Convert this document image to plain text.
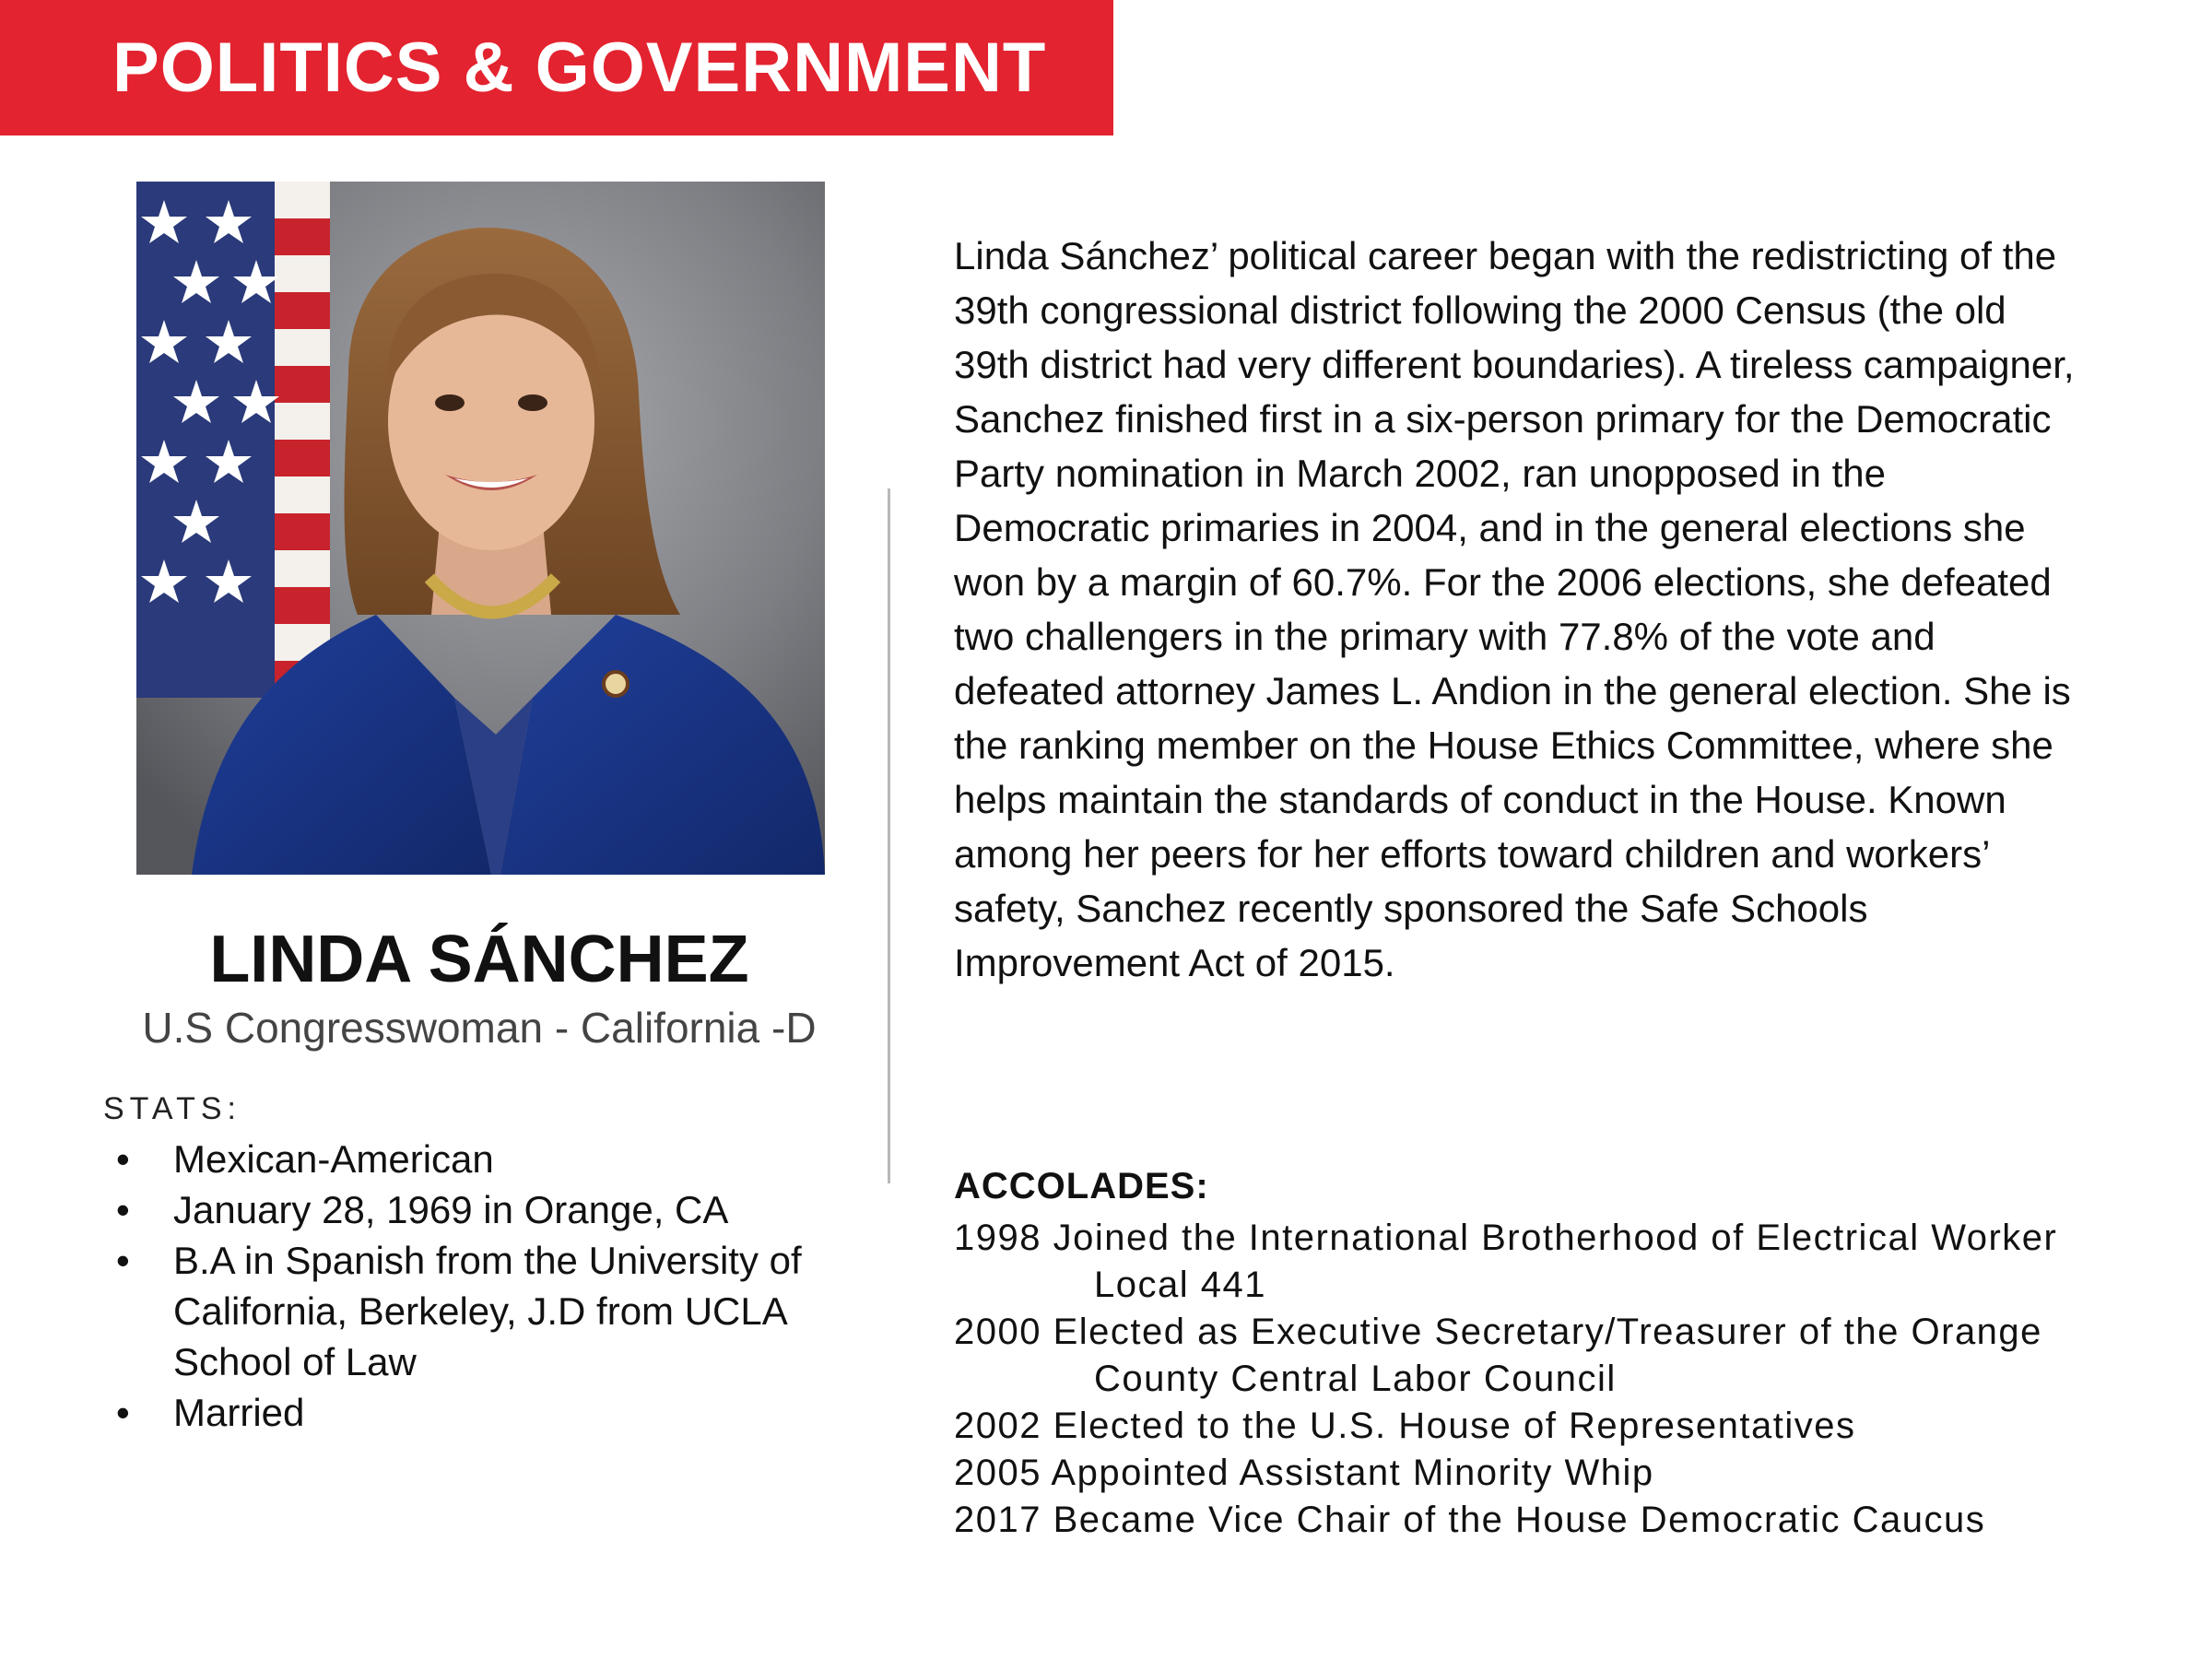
POLITICS & GOVERNMENT
LINDA SÁNCHEZ
U.S Congresswoman - California -D
STATS:
• Mexican-American
• January 28, 1969 in Orange, CA
• B.A in Spanish from the University of California, Berkeley, J.D from UCLA School of Law
• Married

Linda Sánchez’ political career began with the redistricting of the 39th congressional district following the 2000 Census (the old 39th district had very different boundaries). A tireless campaigner, Sanchez finished first in a six-person primary for the Democratic Party nomination in March 2002, ran unopposed in the Democratic primaries in 2004, and in the general elections she won by a margin of 60.7%. For the 2006 elections, she defeated two challengers in the primary with 77.8% of the vote and defeated attorney James L. Andion in the general election. She is the ranking member on the House Ethics Committee, where she helps maintain the standards of conduct in the House. Known among her peers for her efforts toward children and workers’ safety, Sanchez recently sponsored the Safe Schools Improvement Act of 2015.

ACCOLADES:
1998 Joined the International Brotherhood of Electrical Worker Local 441
2000 Elected as Executive Secretary/Treasurer of the Orange County Central Labor Council
2002 Elected to the U.S. House of Representatives
2005 Appointed Assistant Minority Whip
2017 Became Vice Chair of the House Democratic Caucus
